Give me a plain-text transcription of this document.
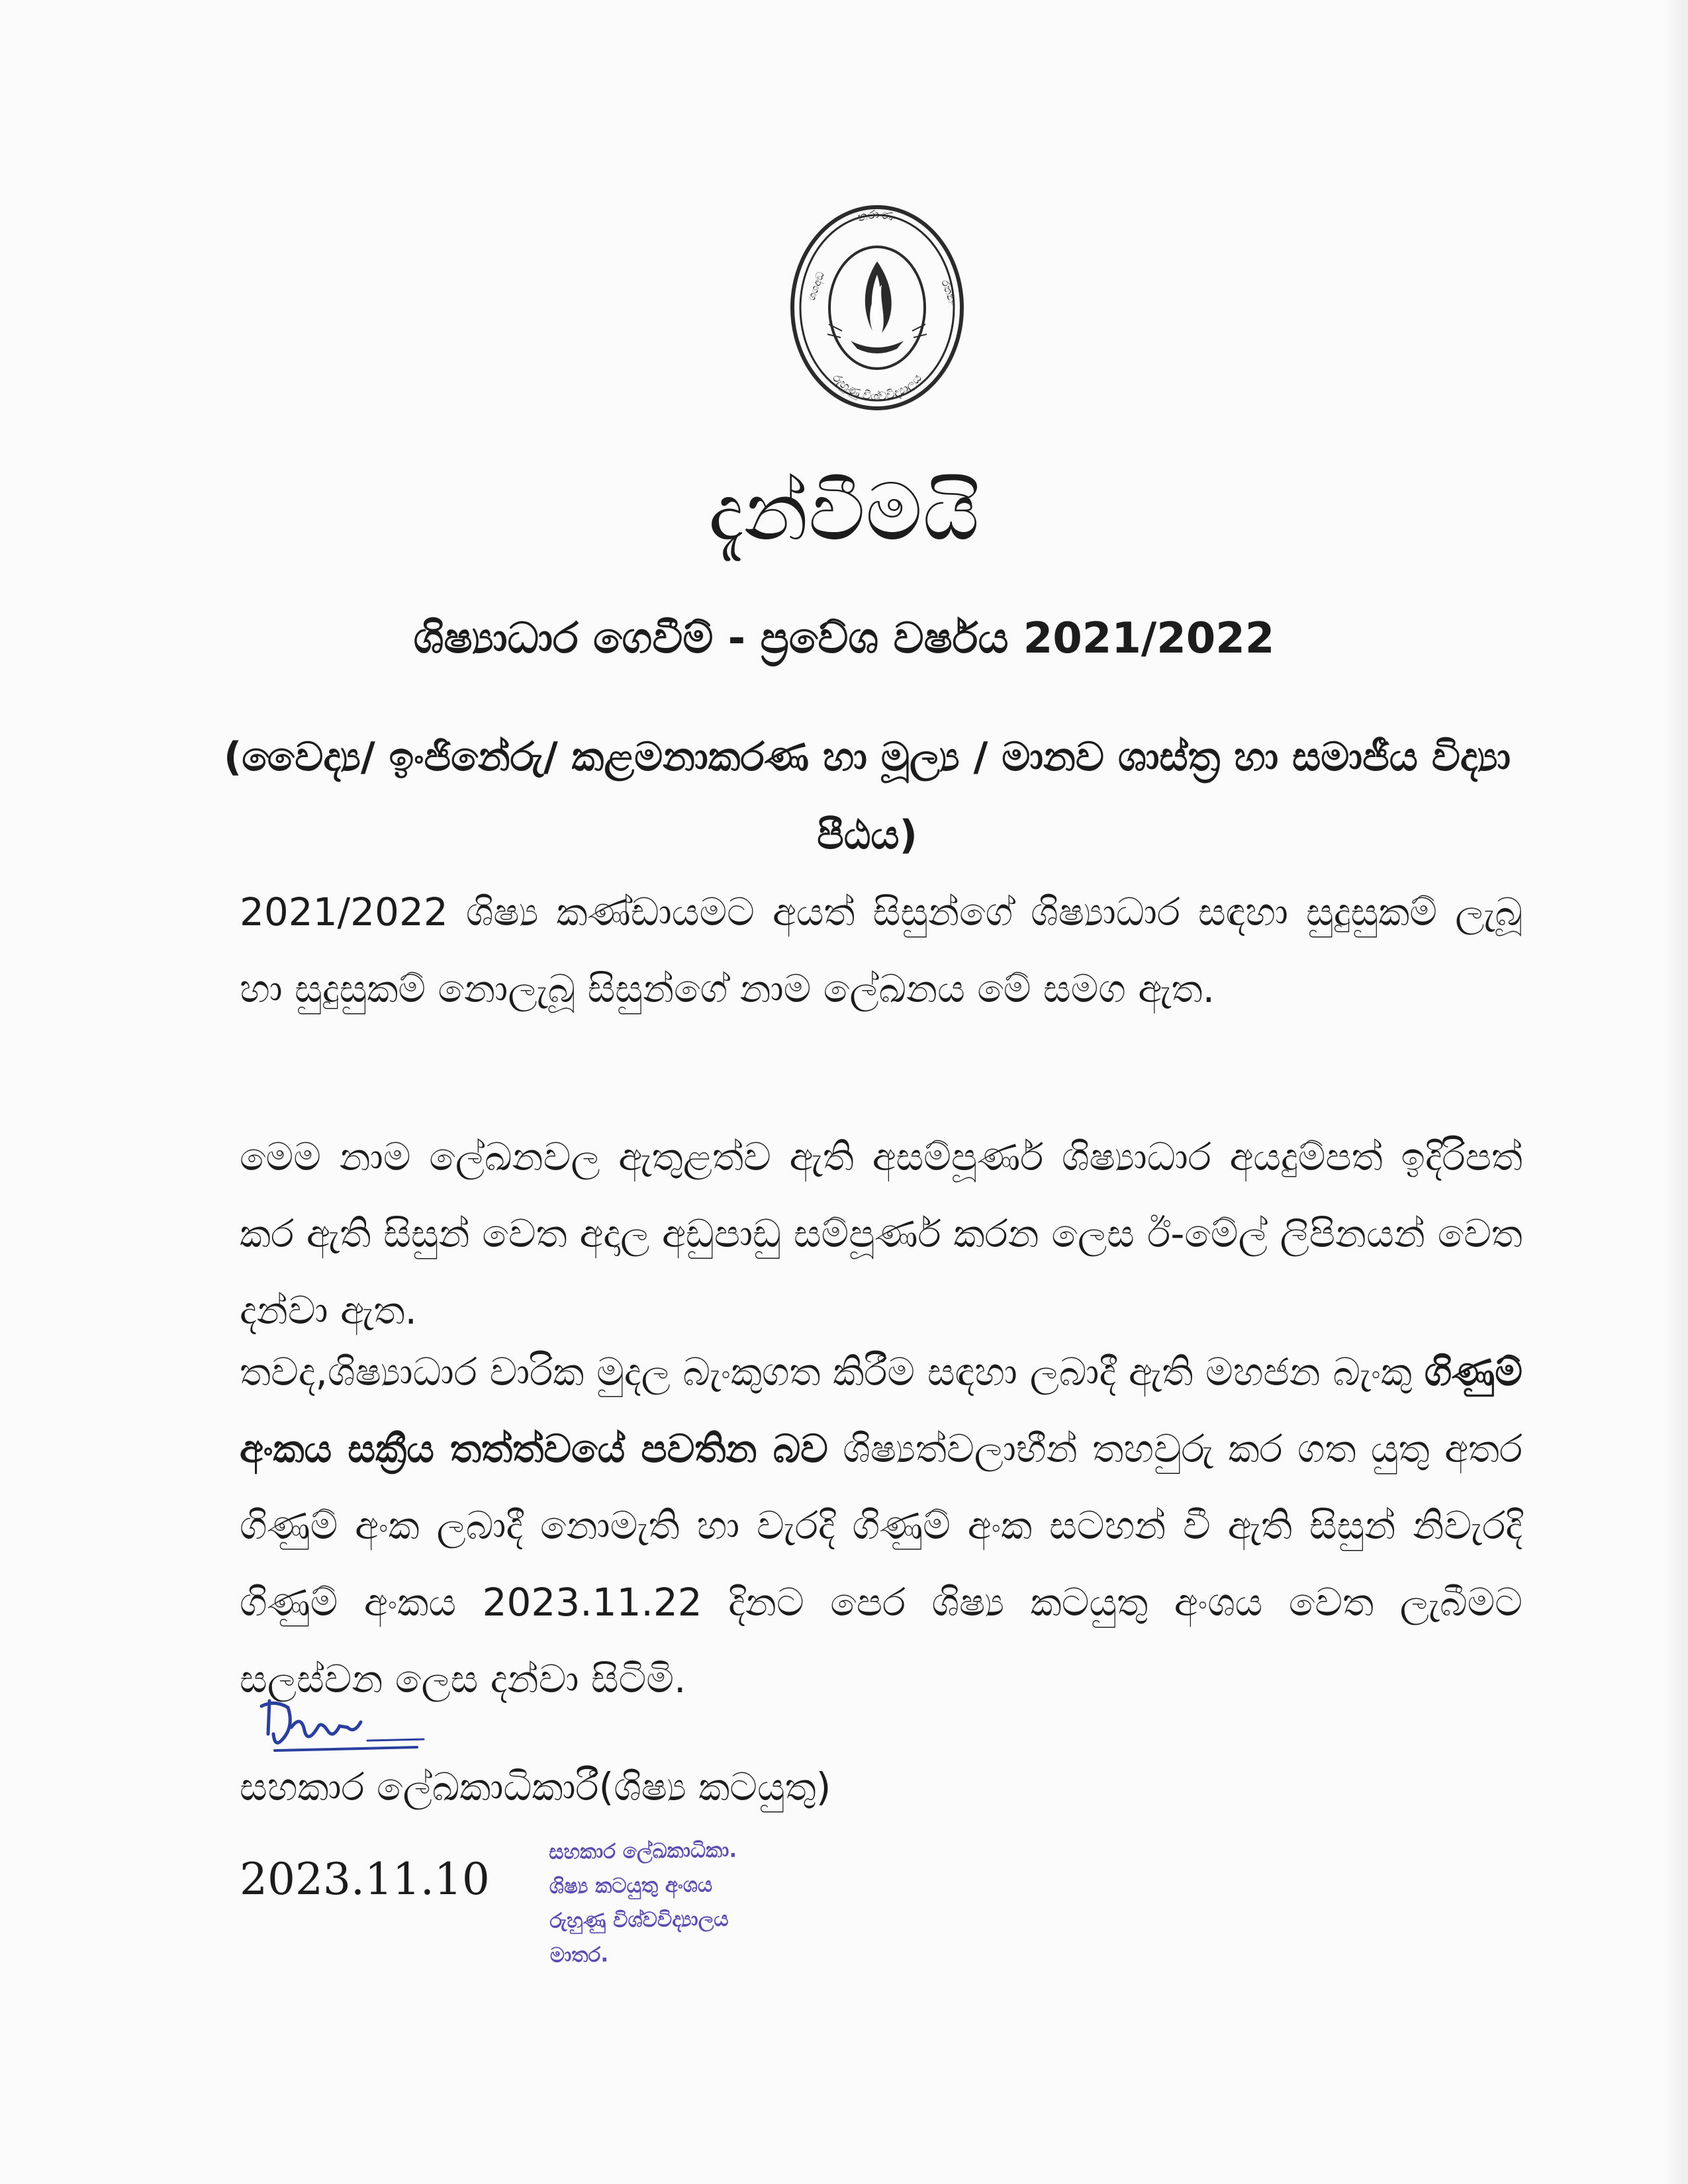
නරාණං
රුහුණු විශ්වවිද්‍යාලය
ශශඅඞ	රතනං
දැන්වීමයි
ශිෂ්‍යාධාර ගෙවීම් - ප්‍රවේශ වර්ෂය 2021/2022
(වෛද්‍ය/ ඉංජිනේරු/ කළමනාකරණ හා මූල්‍ය / මානව ශාස්ත්‍ර හා සමාජීය විද්‍යා පීඨය)
2021/2022 ශිෂ්‍ය කණ්ඩායමට අයත් සිසුන්ගේ ශිෂ්‍යාධාර සඳහා සුදුසුකම් ලැබූ හා සුදුසුකම් නොලැබූ සිසුන්ගේ නාම ලේඛනය මේ සමග ඇත.
මෙම නාම ලේඛනවල ඇතුළත්ව ඇති අසම්පූර්ණ ශිෂ්‍යාධාර අයදුම්පත් ඉදිරිපත් කර ඇති සිසුන් වෙත අදාල අඩුපාඩු සම්පූර්ණ කරන ලෙස ඊ-මේල් ලිපිනයන් වෙත දන්වා ඇත.
තවද,ශිෂ්‍යාධාර වාරික මුදල බැංකුගත කිරීම සඳහා ලබාදී ඇති මහජන බැංකු ගිණුම් අංකය සක්‍රීය තත්ත්වයේ පවතින බව ශිෂ්‍යත්වලාභීන් තහවුරු කර ගත යුතු අතර ගිණුම් අංක ලබාදී නොමැති හා වැරදි ගිණුම් අංක සටහන් වී ඇති සිසුන් නිවැරදි ගිණුම් අංකය 2023.11.22 දිනට පෙර ශිෂ්‍ය කටයුතු අංශය වෙත ලැබීමට සලස්වන ලෙස දන්වා සිටිමි.
සහකාර ලේඛකාධිකාරී(ශිෂ්‍ය කටයුතු)
2023.11.10
සහකාර ලේඛකාධිකා.
ශිෂ්‍ය කටයුතු අංශය
රුහුණු විශ්වවිද්‍යාලය
මාතර.
